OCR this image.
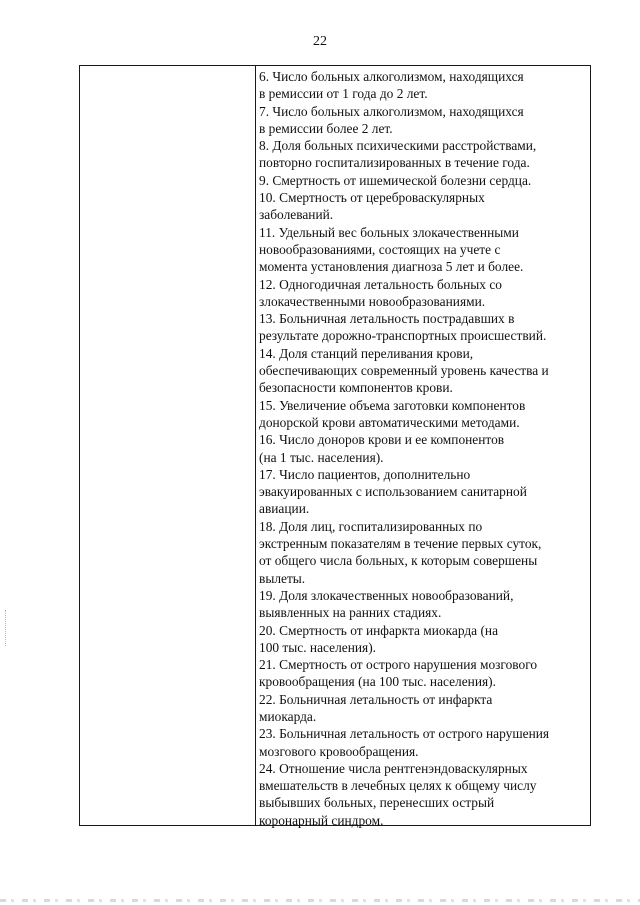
22
6. Число больных алкоголизмом, находящихся
в ремиссии от 1 года до 2 лет.
7. Число больных алкоголизмом, находящихся
в ремиссии более 2 лет.
8. Доля больных психическими расстройствами,
повторно госпитализированных в течение года.
9. Смертность от ишемической болезни сердца.
10. Смертность от цереброваскулярных
заболеваний.
11. Удельный вес больных злокачественными
новообразованиями, состоящих на учете с
момента установления диагноза 5 лет и более.
12. Одногодичная летальность больных со
злокачественными новообразованиями.
13. Больничная летальность пострадавших в
результате дорожно-транспортных происшествий.
14. Доля станций переливания крови,
обеспечивающих современный уровень качества и
безопасности компонентов крови.
15. Увеличение объема заготовки компонентов
донорской крови автоматическими методами.
16. Число доноров крови и ее компонентов
(на 1 тыс. населения).
17. Число пациентов, дополнительно
эвакуированных с использованием санитарной
авиации.
18. Доля лиц, госпитализированных по
экстренным показателям в течение первых суток,
от общего числа больных, к которым совершены
вылеты.
19. Доля злокачественных новообразований,
выявленных на ранних стадиях.
20. Смертность от инфаркта миокарда (на
100 тыс. населения).
21. Смертность от острого нарушения мозгового
кровообращения (на 100 тыс. населения).
22. Больничная летальность от инфаркта
миокарда.
23. Больничная летальность от острого нарушения
мозгового кровообращения.
24. Отношение числа рентгенэндоваскулярных
вмешательств в лечебных целях к общему числу
выбывших больных, перенесших острый
коронарный синдром.
